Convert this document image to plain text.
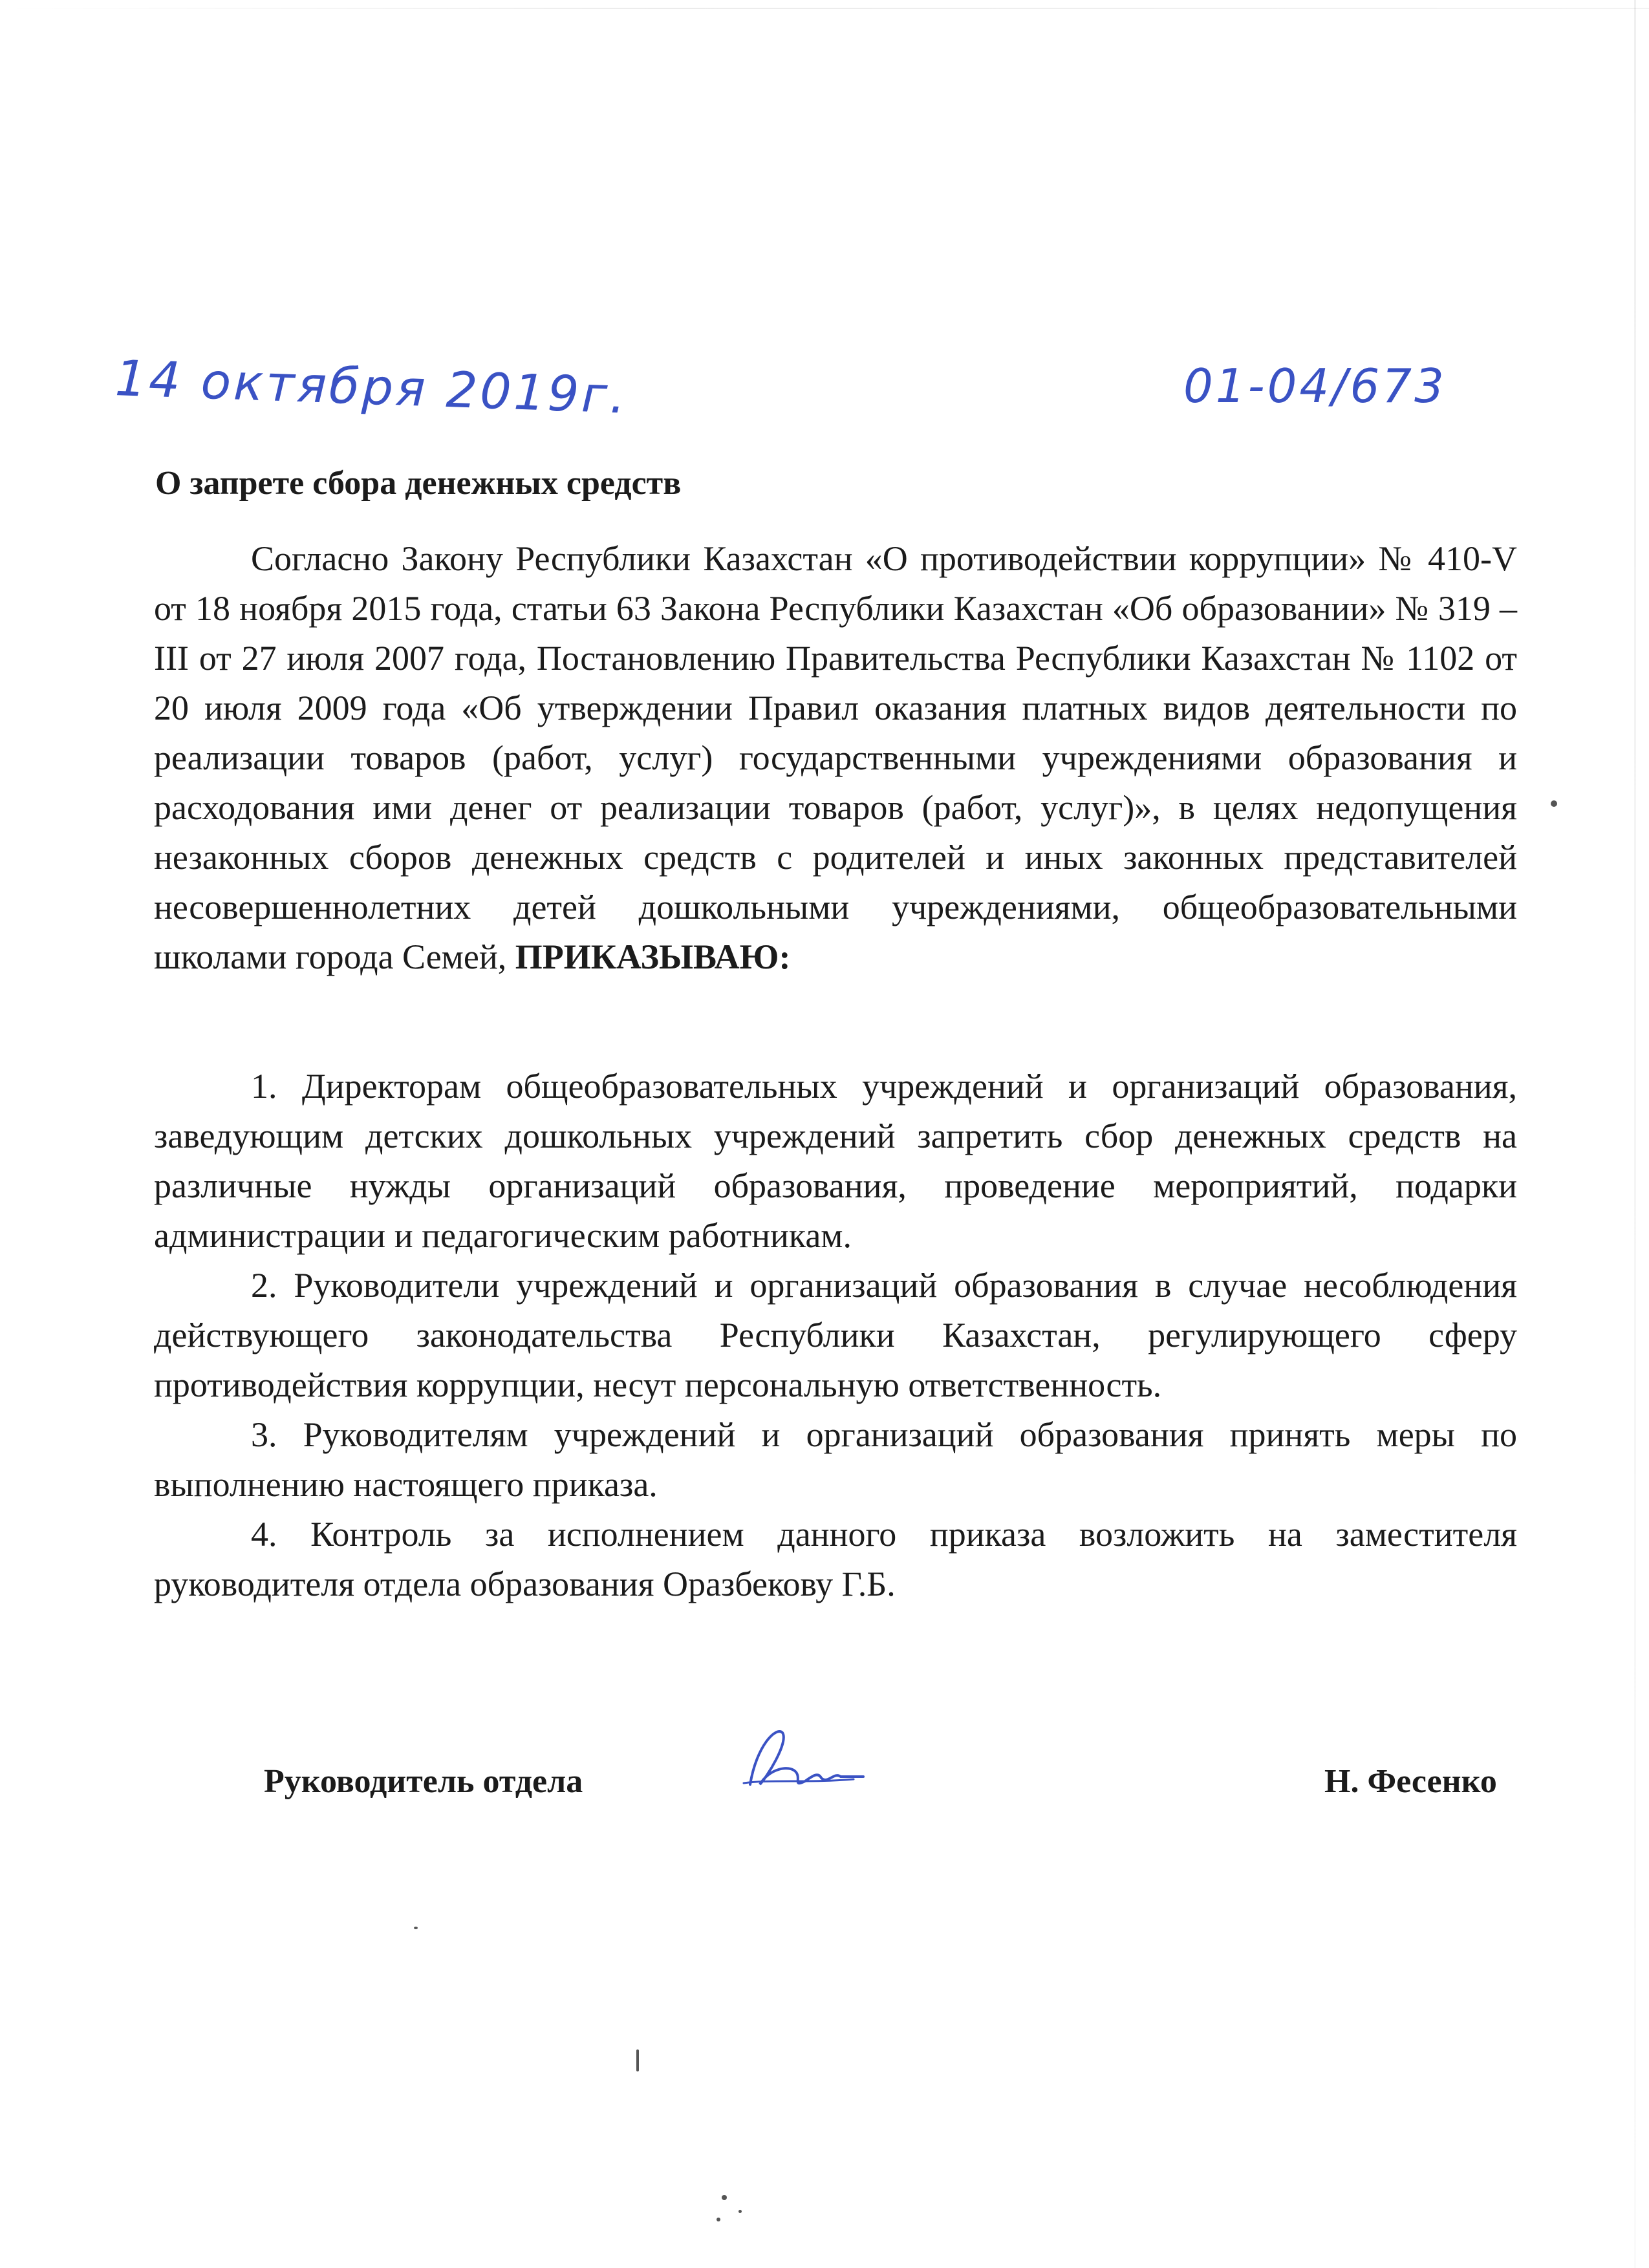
14 октября 2019г.	01-04/673
О запрете сбора денежных средств

Согласно Закону Республики Казахстан «О противодействии коррупции» № 410-V от 18 ноября 2015 года, статьи 63 Закона Республики Казахстан «Об образовании» № 319 –III от 27 июля 2007 года, Постановлению Правительства Республики Казахстан № 1102 от 20 июля 2009 года «Об утверждении Правил оказания платных видов деятельности по реализации товаров (работ, услуг) государственными учреждениями образования и расходования ими денег от реализации товаров (работ, услуг)», в целях недопущения незаконных сборов денежных средств с родителей и иных законных представителей несовершеннолетних детей дошкольными учреждениями, общеобразовательными школами города Семей, ПРИКАЗЫВАЮ:

1. Директорам общеобразовательных учреждений и организаций образования, заведующим детских дошкольных учреждений запретить сбор денежных средств на различные нужды организаций образования, проведение мероприятий, подарки администрации и педагогическим работникам.
2. Руководители учреждений и организаций образования в случае несоблюдения действующего законодательства Республики Казахстан, регулирующего сферу противодействия коррупции, несут персональную ответственность.
3. Руководителям учреждений и организаций образования принять меры по выполнению настоящего приказа.
4. Контроль за исполнением данного приказа возложить на заместителя руководителя отдела образования Оразбекову Г.Б.
Руководитель отдела	Н. Фесенко
